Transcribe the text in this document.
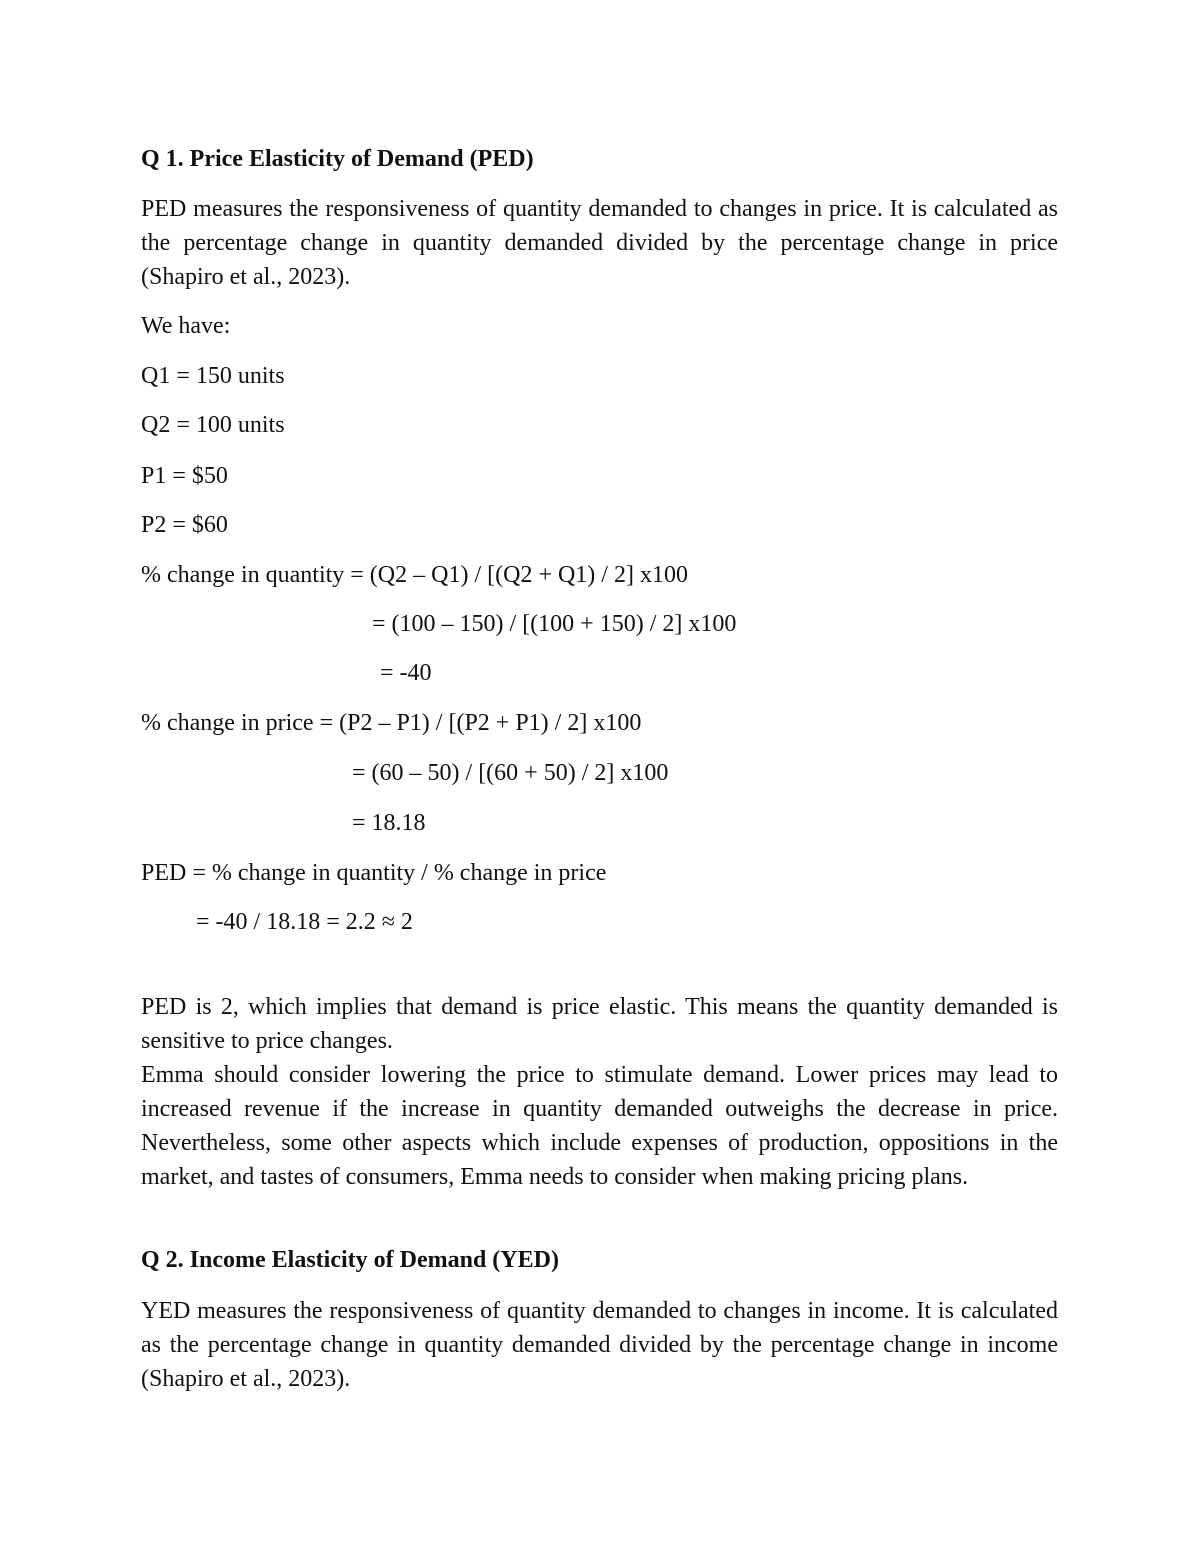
Q 1. Price Elasticity of Demand (PED)
PED measures the responsiveness of quantity demanded to changes in price. It is calculated as the percentage change in quantity demanded divided by the percentage change in price (Shapiro et al., 2023).
We have:
Q1 = 150 units
Q2 = 100 units
P1 = $50
P2 = $60
% change in quantity = (Q2 – Q1) / [(Q2 + Q1) / 2] x100
= (100 – 150) / [(100 + 150) / 2] x100
= -40
% change in price = (P2 – P1) / [(P2 + P1) / 2] x100
= (60 – 50) / [(60 + 50) / 2] x100
= 18.18
PED = % change in quantity / % change in price
= -40 / 18.18 = 2.2 ≈ 2
PED is 2, which implies that demand is price elastic. This means the quantity demanded is sensitive to price changes.
Emma should consider lowering the price to stimulate demand. Lower prices may lead to increased revenue if the increase in quantity demanded outweighs the decrease in price. Nevertheless, some other aspects which include expenses of production, oppositions in the market, and tastes of consumers, Emma needs to consider when making pricing plans.
Q 2. Income Elasticity of Demand (YED)
YED measures the responsiveness of quantity demanded to changes in income. It is calculated as the percentage change in quantity demanded divided by the percentage change in income (Shapiro et al., 2023).
